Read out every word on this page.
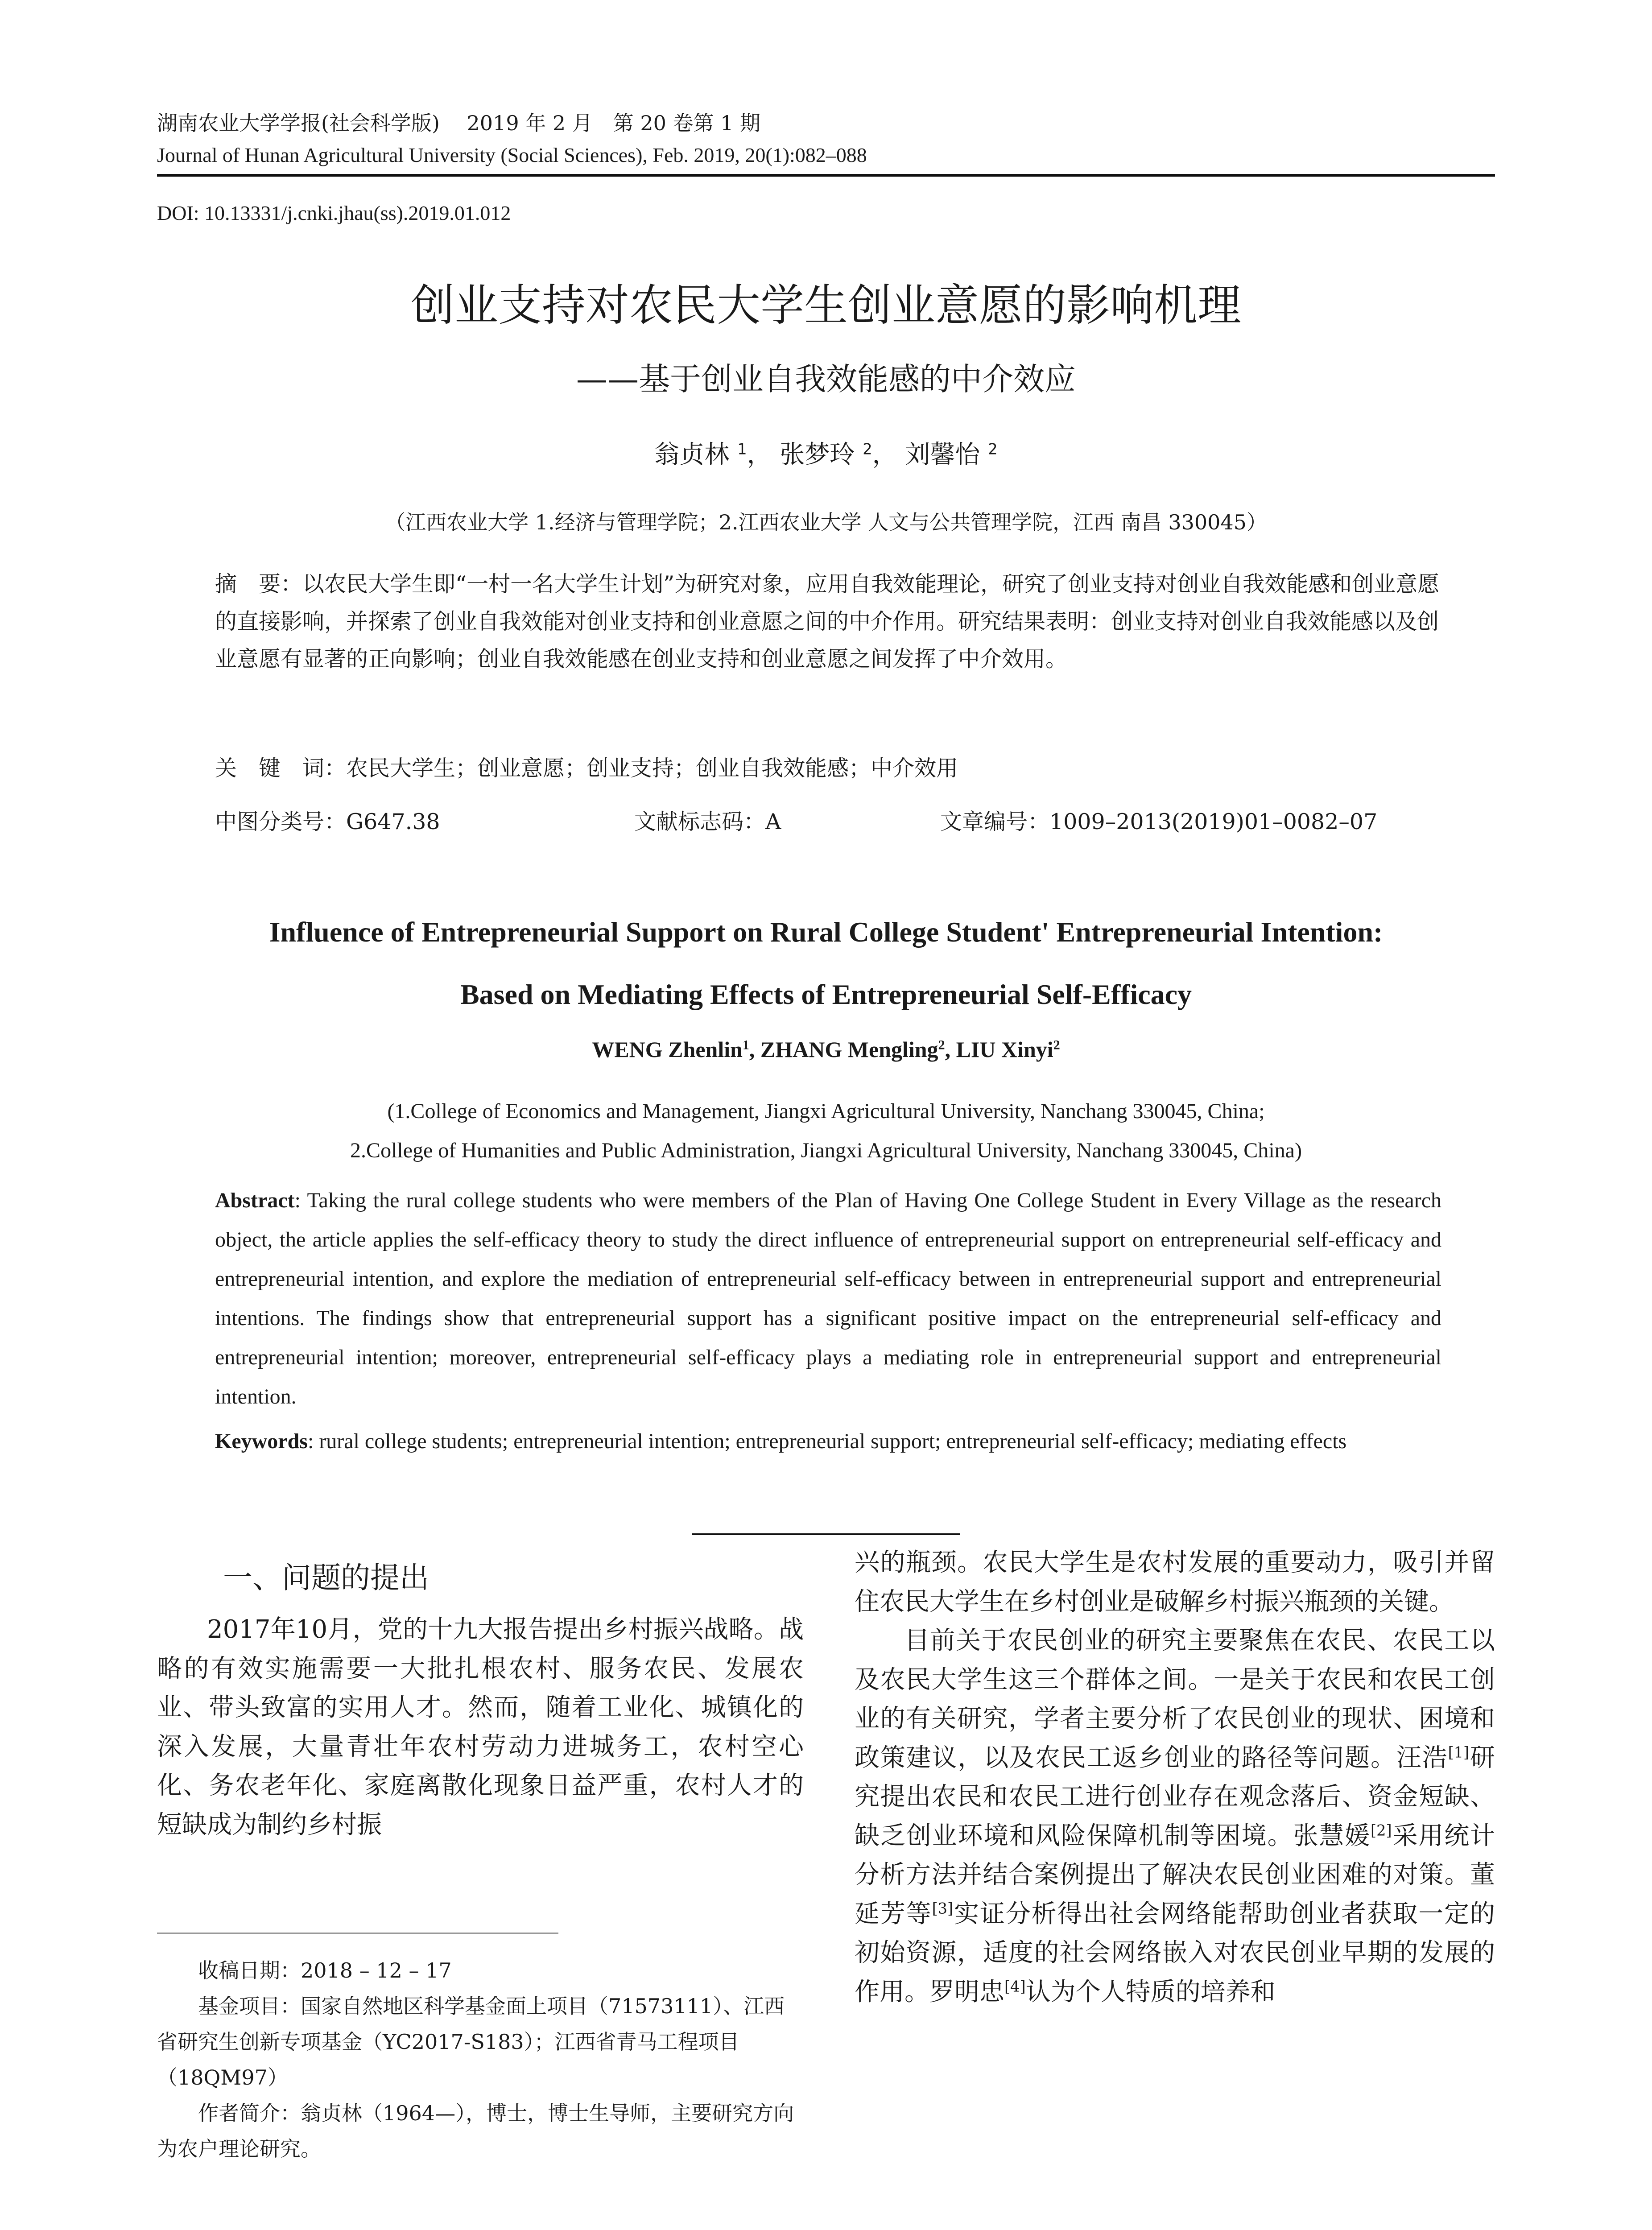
湖南农业大学学报(社会科学版)　 2019 年 2 月　第 20 卷第 1 期
Journal of Hunan Agricultural University (Social Sciences), Feb. 2019, 20(1):082–088
DOI: 10.13331/j.cnki.jhau(ss).2019.01.012
创业支持对农民大学生创业意愿的影响机理
——基于创业自我效能感的中介效应
翁贞林 $^1$， 张梦玲 $^2$， 刘馨怡 $^2$
（江西农业大学 1.经济与管理学院；2.江西农业大学 人文与公共管理学院，江西 南昌 330045）
摘　要：以农民大学生即“一村一名大学生计划”为研究对象，应用自我效能理论，研究了创业支持对创业自我效能感和创业意愿的直接影响，并探索了创业自我效能对创业支持和创业意愿之间的中介作用。研究结果表明：创业支持对创业自我效能感以及创业意愿有显著的正向影响；创业自我效能感在创业支持和创业意愿之间发挥了中介效用。
关　键　词：农民大学生；创业意愿；创业支持；创业自我效能感；中介效用
中图分类号：G647.38	文献标志码：A	文章编号：1009–2013(2019)01–0082–07
Influence of Entrepreneurial Support on Rural College Student' Entrepreneurial Intention:
Based on Mediating Effects of Entrepreneurial Self-Efficacy
WENG Zhenlin$^1$, ZHANG Mengling$^2$, LIU Xinyi$^2$
(1.College of Economics and Management, Jiangxi Agricultural University, Nanchang 330045, China;
2.College of Humanities and Public Administration, Jiangxi Agricultural University, Nanchang 330045, China)
Abstract: Taking the rural college students who were members of the Plan of Having One College Student in Every Village as the research object, the article applies the self-efficacy theory to study the direct influence of entrepreneurial support on entrepreneurial self-efficacy and entrepreneurial intention, and explore the mediation of entrepreneurial self-efficacy between in entrepreneurial support and entrepreneurial intentions. The findings show that entrepreneurial support has a significant positive impact on the entrepreneurial self-efficacy and entrepreneurial intention; moreover, entrepreneurial self-efficacy plays a mediating role in entrepreneurial support and entrepreneurial intention.
Keywords: rural college students; entrepreneurial intention; entrepreneurial support; entrepreneurial self-efficacy; mediating effects
一、问题的提出

2017年10月，党的十九大报告提出乡村振兴战略。战略的有效实施需要一大批扎根农村、服务农民、发展农业、带头致富的实用人才。然而，随着工业化、城镇化的深入发展，大量青壮年农村劳动力进城务工，农村空心化、务农老年化、家庭离散化现象日益严重，农村人才的短缺成为制约乡村振

兴的瓶颈。农民大学生是农村发展的重要动力，吸引并留住农民大学生在乡村创业是破解乡村振兴瓶颈的关键。

目前关于农民创业的研究主要聚焦在农民、农民工以及农民大学生这三个群体之间。一是关于农民和农民工创业的有关研究，学者主要分析了农民创业的现状、困境和政策建议，以及农民工返乡创业的路径等问题。汪浩[1]研究提出农民和农民工进行创业存在观念落后、资金短缺、缺乏创业环境和风险保障机制等困境。张慧媛[2]采用统计分析方法并结合案例提出了解决农民创业困难的对策。董延芳等[3]实证分析得出社会网络能帮助创业者获取一定的初始资源，适度的社会网络嵌入对农民创业早期的发展的作用。罗明忠[4]认为个人特质的培养和

收稿日期：2018 – 12 – 17

基金项目：国家自然地区科学基金面上项目（71573111）、江西省研究生创新专项基金（YC2017-S183）；江西省青马工程项目（18QM97）

作者简介：翁贞林（1964—），博士，博士生导师，主要研究方向为农户理论研究。
